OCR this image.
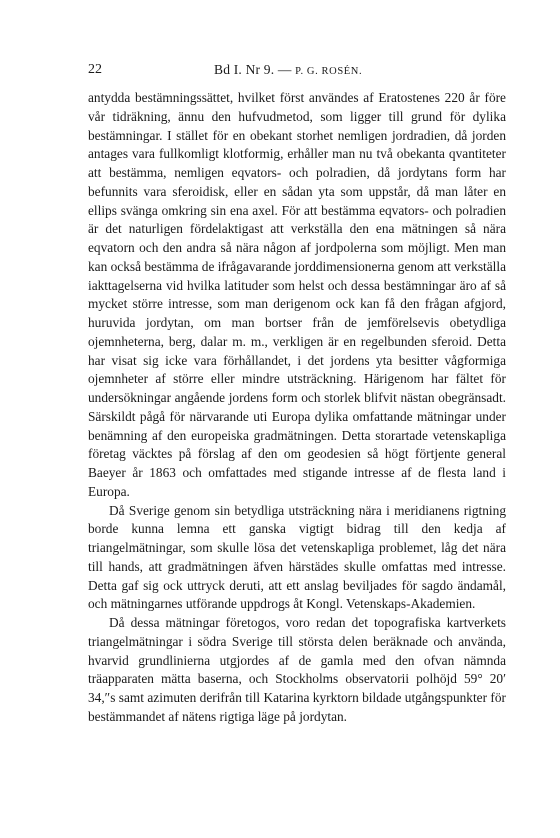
22	Bd I. Nr 9. — P. G. ROSÉN.

antydda bestämningssättet, hvilket först användes af Eratostenes 220 år före vår tidräkning, ännu den hufvudmetod, som ligger till grund för dylika bestämningar. I stället för en obekant storhet nemligen jordradien, då jorden antages vara fullkomligt klotformig, erhåller man nu två obekanta qvantiteter att bestämma, nemligen eqvators- och polradien, då jordytans form har befunnits vara sferoidisk, eller en sådan yta som uppstår, då man låter en ellips svänga omkring sin ena axel. För att bestämma eqvators- och polradien är det naturligen fördelaktigast att verkställa den ena mätningen så nära eqvatorn och den andra så nära någon af jordpolerna som möjligt. Men man kan också bestämma de ifrågavarande jorddimensionerna genom att verkställa iakttagelserna vid hvilka latituder som helst och dessa bestämningar äro af så mycket större intresse, som man derigenom ock kan få den frågan afgjord, huruvida jordytan, om man bortser från de jemförelsevis obetydliga ojemnheterna, berg, dalar m. m., verkligen är en regelbunden sferoid. Detta har visat sig icke vara förhållandet, i det jordens yta besitter vågformiga ojemnheter af större eller mindre utsträckning. Härigenom har fältet för undersökningar angående jordens form och storlek blifvit nästan obegränsadt. Särskildt pågå för närvarande uti Europa dylika omfattande mätningar under benämning af den europeiska gradmätningen. Detta storartade vetenskapliga företag väcktes på förslag af den om geodesien så högt förtjente general Baeyer år 1863 och omfattades med stigande intresse af de flesta land i Europa.

Då Sverige genom sin betydliga utsträckning nära i meridianens rigtning borde kunna lemna ett ganska vigtigt bidrag till den kedja af triangelmätningar, som skulle lösa det vetenskapliga problemet, låg det nära till hands, att gradmätningen äfven härstädes skulle omfattas med intresse. Detta gaf sig ock uttryck deruti, att ett anslag beviljades för sagdo ändamål, och mätningarnes utförande uppdrogs åt Kongl. Vetenskaps-Akademien.

Då dessa mätningar företogos, voro redan det topografiska kartverkets triangelmätningar i södra Sverige till största delen beräknade och använda, hvarvid grundlinierna utgjordes af de gamla med den ofvan nämnda träapparaten mätta baserna, och Stockholms observatorii polhöjd 59° 20′ 34,″s samt azimuten derifrån till Katarina kyrktorn bildade utgångspunkter för bestämmandet af nätens rigtiga läge på jordytan.
